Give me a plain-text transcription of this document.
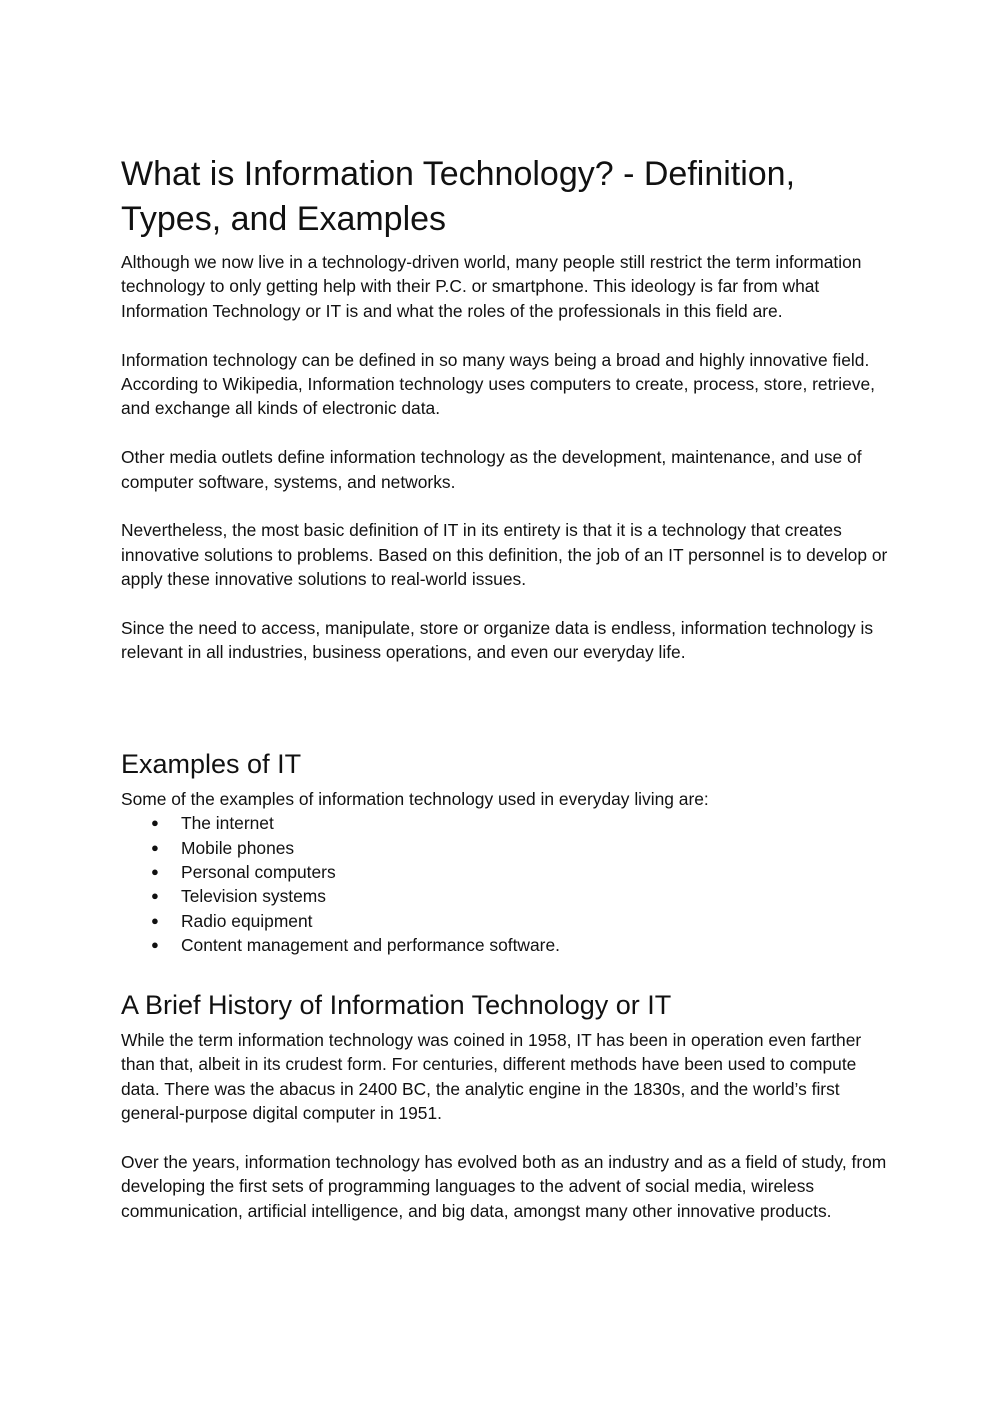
What is Information Technology? - Definition, Types, and Examples

Although we now live in a technology-driven world, many people still restrict the term information technology to only getting help with their P.C. or smartphone. This ideology is far from what Information Technology or IT is and what the roles of the professionals in this field are.

Information technology can be defined in so many ways being a broad and highly innovative field. According to Wikipedia, Information technology uses computers to create, process, store, retrieve, and exchange all kinds of electronic data.

Other media outlets define information technology as the development, maintenance, and use of computer software, systems, and networks.

Nevertheless, the most basic definition of IT in its entirety is that it is a technology that creates innovative solutions to problems. Based on this definition, the job of an IT personnel is to develop or apply these innovative solutions to real-world issues.

Since the need to access, manipulate, store or organize data is endless, information technology is relevant in all industries, business operations, and even our everyday life.

Examples of IT

Some of the examples of information technology used in everyday living are:

● The internet
● Mobile phones
● Personal computers
● Television systems
● Radio equipment
● Content management and performance software.
A Brief History of Information Technology or IT

While the term information technology was coined in 1958, IT has been in operation even farther than that, albeit in its crudest form. For centuries, different methods have been used to compute data. There was the abacus in 2400 BC, the analytic engine in the 1830s, and the world’s first general-purpose digital computer in 1951.

Over the years, information technology has evolved both as an industry and as a field of study, from developing the first sets of programming languages to the advent of social media, wireless communication, artificial intelligence, and big data, amongst many other innovative products.
